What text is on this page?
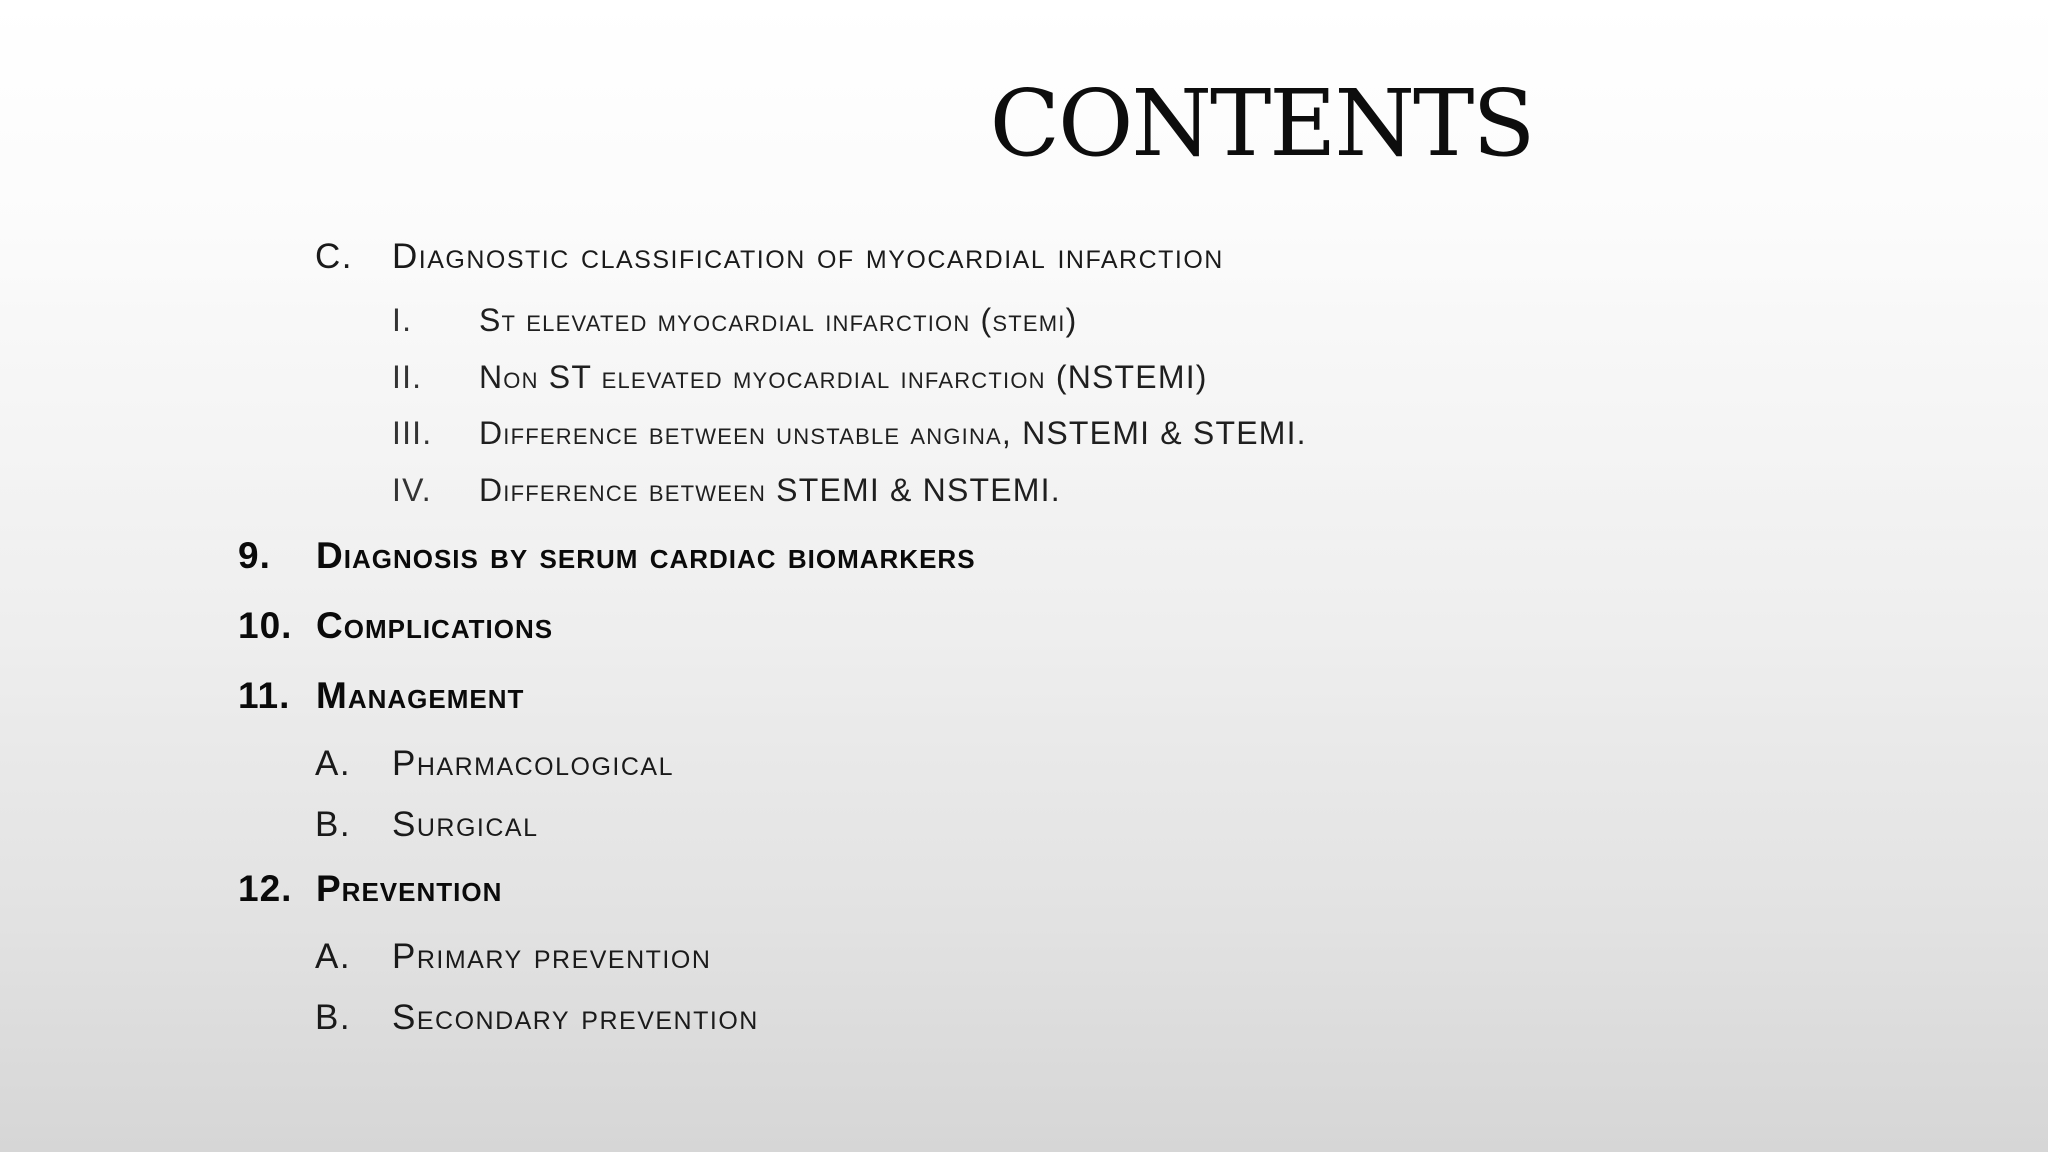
CONTENTS
C. Diagnostic classification of myocardial infarction
I. St elevated myocardial infarction (stemi)
II. Non ST elevated myocardial infarction (NSTEMI)
III. Difference between unstable angina, NSTEMI & STEMI.
IV. Difference between STEMI & NSTEMI.
9. Diagnosis by serum cardiac biomarkers
10. Complications
11. Management
A. Pharmacological
B. Surgical
12. Prevention
A. Primary prevention
B. Secondary prevention
